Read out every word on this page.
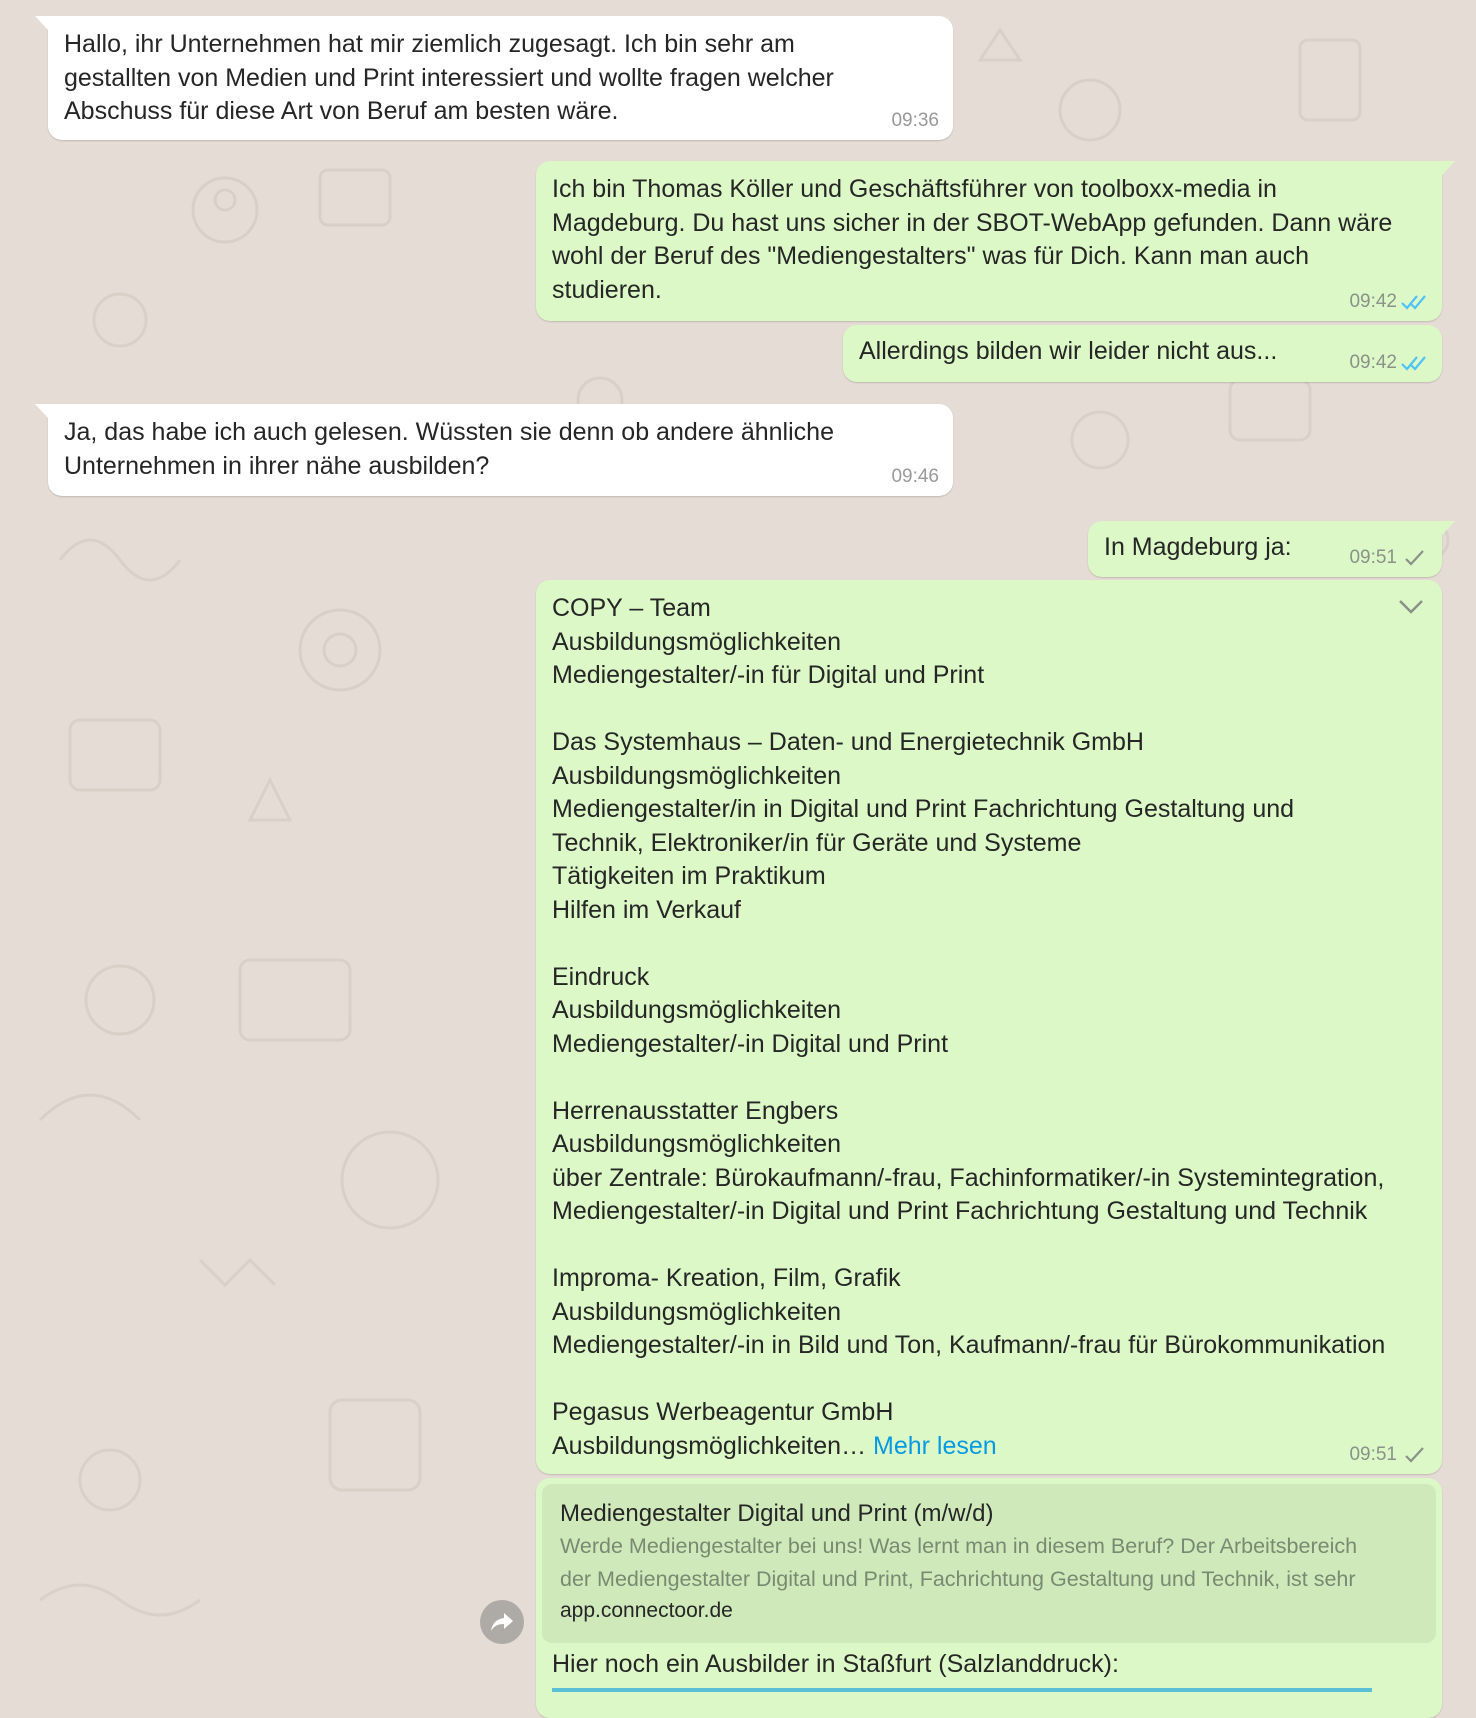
Hallo, ihr Unternehmen hat mir ziemlich zugesagt. Ich bin sehr am
gestallten von Medien und Print interessiert und wollte fragen welcher
Abschuss für diese Art von Beruf am besten wäre.	09:36

Ich bin Thomas Köller und Geschäftsführer von toolboxx-media in
Magdeburg. Du hast uns sicher in der SBOT-WebApp gefunden. Dann wäre
wohl der Beruf des "Mediengestalters" was für Dich. Kann man auch
studieren.	09:42

Allerdings bilden wir leider nicht aus...	09:42

Ja, das habe ich auch gelesen. Wüssten sie denn ob andere ähnliche
Unternehmen in ihrer nähe ausbilden?	09:46

In Magdeburg ja:	09:51

COPY – Team
Ausbildungsmöglichkeiten
Mediengestalter/-in für Digital und Print

Das Systemhaus – Daten- und Energietechnik GmbH
Ausbildungsmöglichkeiten
Mediengestalter/in in Digital und Print Fachrichtung Gestaltung und
Technik, Elektroniker/in für Geräte und Systeme
Tätigkeiten im Praktikum
Hilfen im Verkauf

Eindruck
Ausbildungsmöglichkeiten
Mediengestalter/-in Digital und Print

Herrenausstatter Engbers
Ausbildungsmöglichkeiten
über Zentrale: Bürokaufmann/-frau, Fachinformatiker/-in Systemintegration,
Mediengestalter/-in Digital und Print Fachrichtung Gestaltung und Technik

Improma- Kreation, Film, Grafik
Ausbildungsmöglichkeiten
Mediengestalter/-in in Bild und Ton, Kaufmann/-frau für Bürokommunikation

Pegasus Werbeagentur GmbH
Ausbildungsmöglichkeiten… Mehr lesen	09:51

Hier noch ein Ausbilder in Staßfurt (Salzlanddruck):

Mediengestalter Digital und Print (m/w/d)
Werde Mediengestalter bei uns! Was lernt man in diesem Beruf? Der Arbeitsbereich
der Mediengestalter Digital und Print, Fachrichtung Gestaltung und Technik, ist sehr
app.connectoor.de
